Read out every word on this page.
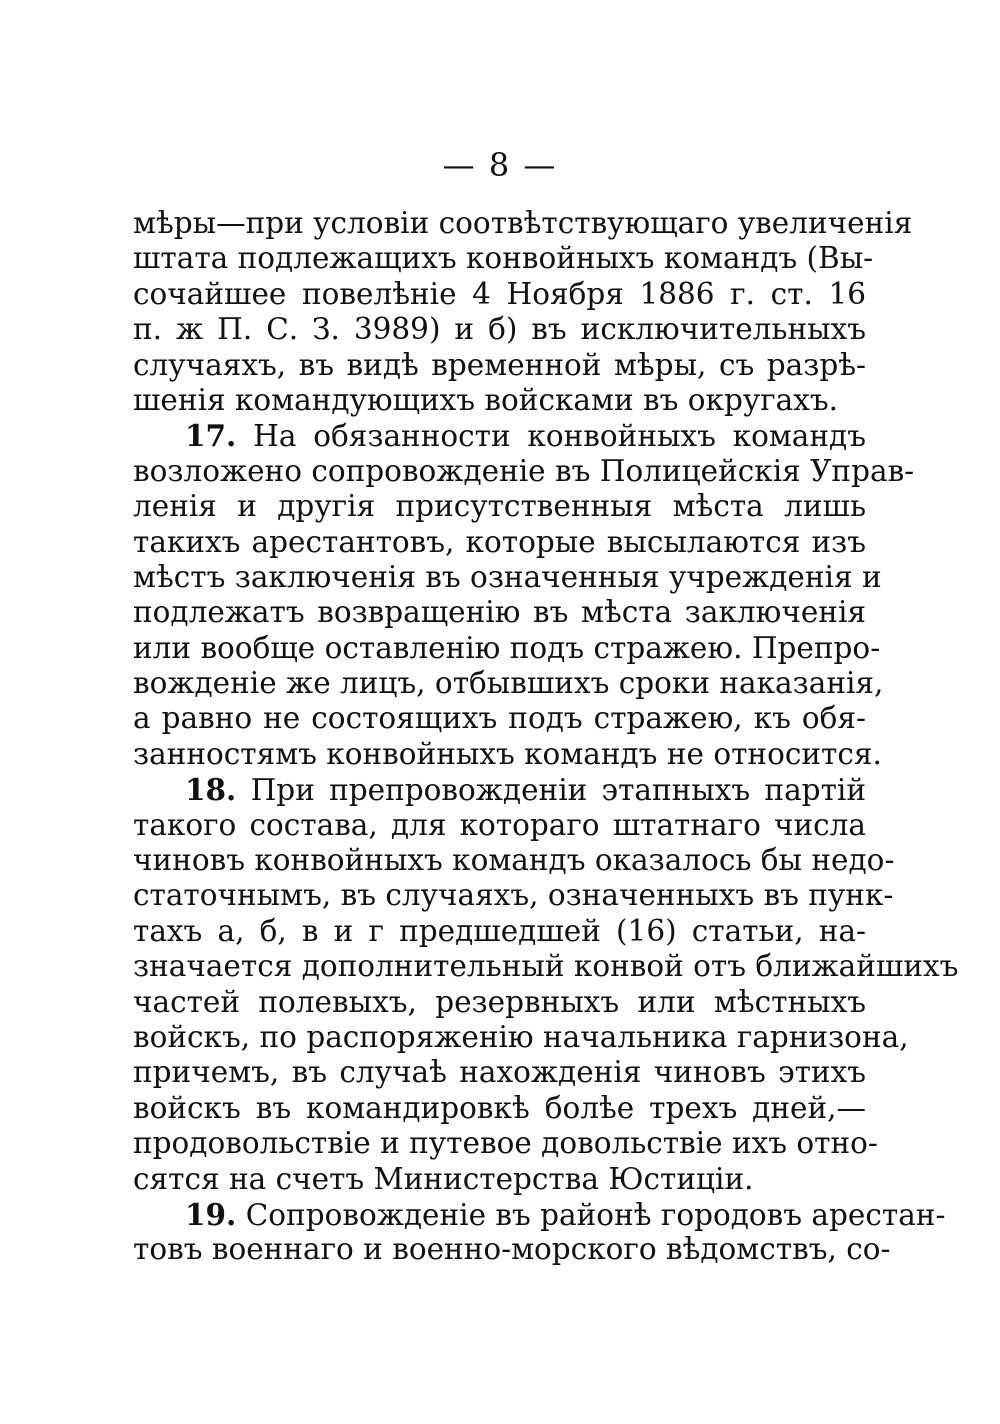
— 8 —
мѣры—при условіи соотвѣтствующаго увеличенія
штата подлежащихъ конвойныхъ командъ (Вы-
сочайшее повелѣніе 4 Ноября 1886 г. ст. 16
п. ж П. С. З. 3989) и б) въ исключительныхъ
случаяхъ, въ видѣ временной мѣры, съ разрѣ-
шенія командующихъ войсками въ округахъ.
17. На обязанности конвойныхъ командъ
возложено сопровожденіе въ Полицейскія Управ-
ленія и другія присутственныя мѣста лишь
такихъ арестантовъ, которые высылаются изъ
мѣстъ заключенія въ означенныя учрежденія и
подлежатъ возвращенію въ мѣста заключенія
или вообще оставленію подъ стражею. Препро-
вожденіе же лицъ, отбывшихъ сроки наказанія,
а равно не состоящихъ подъ стражею, къ обя-
занностямъ конвойныхъ командъ не относится.
18. При препровожденіи этапныхъ партій
такого состава, для котораго штатнаго числа
чиновъ конвойныхъ командъ оказалось бы недо-
статочнымъ, въ случаяхъ, означенныхъ въ пунк-
тахъ а, б, в и г предшедшей (16) статьи, на-
значается дополнительный конвой отъ ближайшихъ
частей полевыхъ, резервныхъ или мѣстныхъ
войскъ, по распоряженію начальника гарнизона,
причемъ, въ случаѣ нахожденія чиновъ этихъ
войскъ въ командировкѣ болѣе трехъ дней,—
продовольствіе и путевое довольствіе ихъ отно-
сятся на счетъ Министерства Юстиціи.
19. Сопровожденіе въ районѣ городовъ арестан-
товъ военнаго и военно-морского вѣдомствъ, со-
